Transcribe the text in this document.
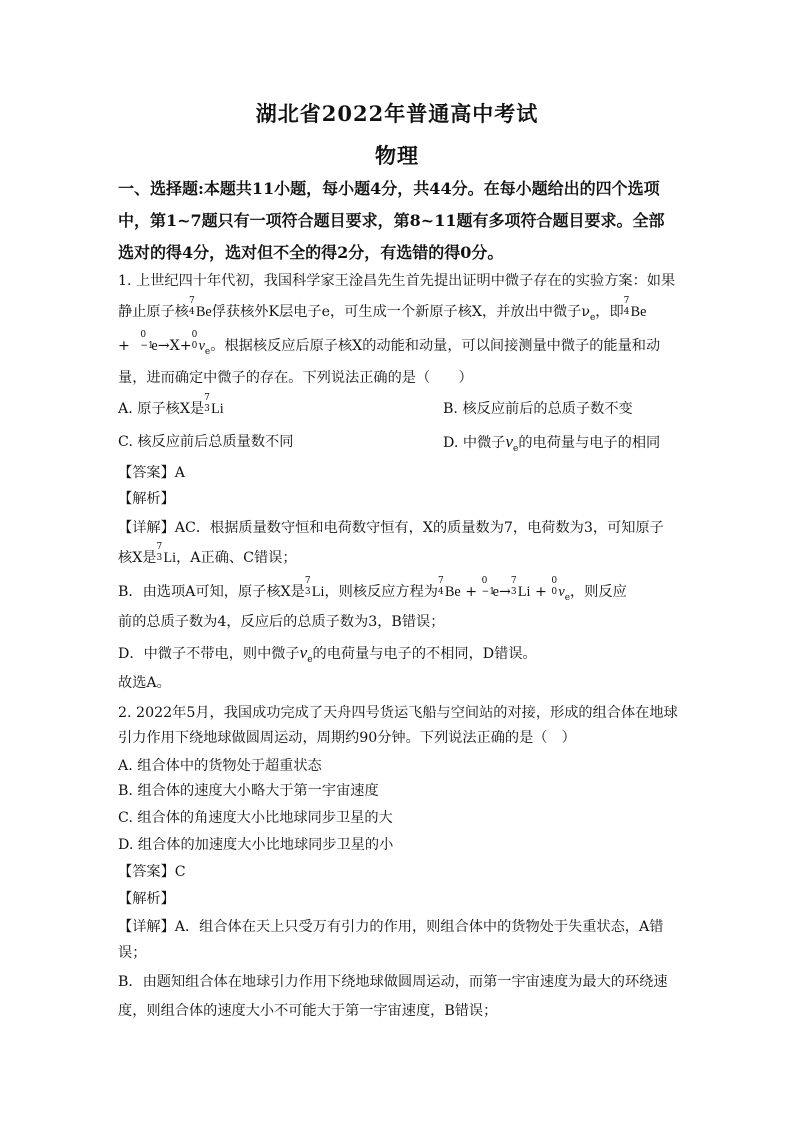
湖北省2022年普通高中考试
物理
一、选择题:本题共11小题，每小题4分，共44分。在每小题给出的四个选项
中，第1~7题只有一项符合题目要求，第8~11题有多项符合题目要求。全部
选对的得4分，选对但不全的得2分，有选错的得0分。
1. 上世纪四十年代初，我国科学家王淦昌先生首先提出证明中微子存在的实验方案：如果
静止原子核
7
4 Be俘获核外K层电子e，可生成一个新原子核X，并放出中微子$\nu_e$，即
7
4 Be
+
0
−1
e→X+
0
0 $\nu_e$。根据核反应后原子核X的动能和动量，可以间接测量中微子的能量和动
量，进而确定中微子的存在。下列说法正确的是（　　）
A. 原子核X是
7
3 Li	B. 核反应前后的总质子数不变
C. 核反应前后总质量数不同	D. 中微子$\nu_e$的电荷量与电子的相同
【答案】A
【解析】
【详解】AC．根据质量数守恒和电荷数守恒有，X的质量数为7，电荷数为3，可知原子
核X是
7
3 Li，A正确、C错误；
B．由选项A可知，原子核X是
7
3 Li，则核反应方程为
7
4 Be +
0
−1
e→
7
3 Li +
0
0 $\nu_e$，则反应
前的总质子数为4，反应后的总质子数为3，B错误；
D．中微子不带电，则中微子$\nu_e$的电荷量与电子的不相同，D错误。
故选A。
2. 2022年5月，我国成功完成了天舟四号货运飞船与空间站的对接，形成的组合体在地球
引力作用下绕地球做圆周运动，周期约90分钟。下列说法正确的是（　）
A. 组合体中的货物处于超重状态
B. 组合体的速度大小略大于第一宇宙速度
C. 组合体的角速度大小比地球同步卫星的大
D. 组合体的加速度大小比地球同步卫星的小
【答案】C
【解析】
【详解】A．组合体在天上只受万有引力的作用，则组合体中的货物处于失重状态，A错
误；
B．由题知组合体在地球引力作用下绕地球做圆周运动，而第一宇宙速度为最大的环绕速
度，则组合体的速度大小不可能大于第一宇宙速度，B错误；
